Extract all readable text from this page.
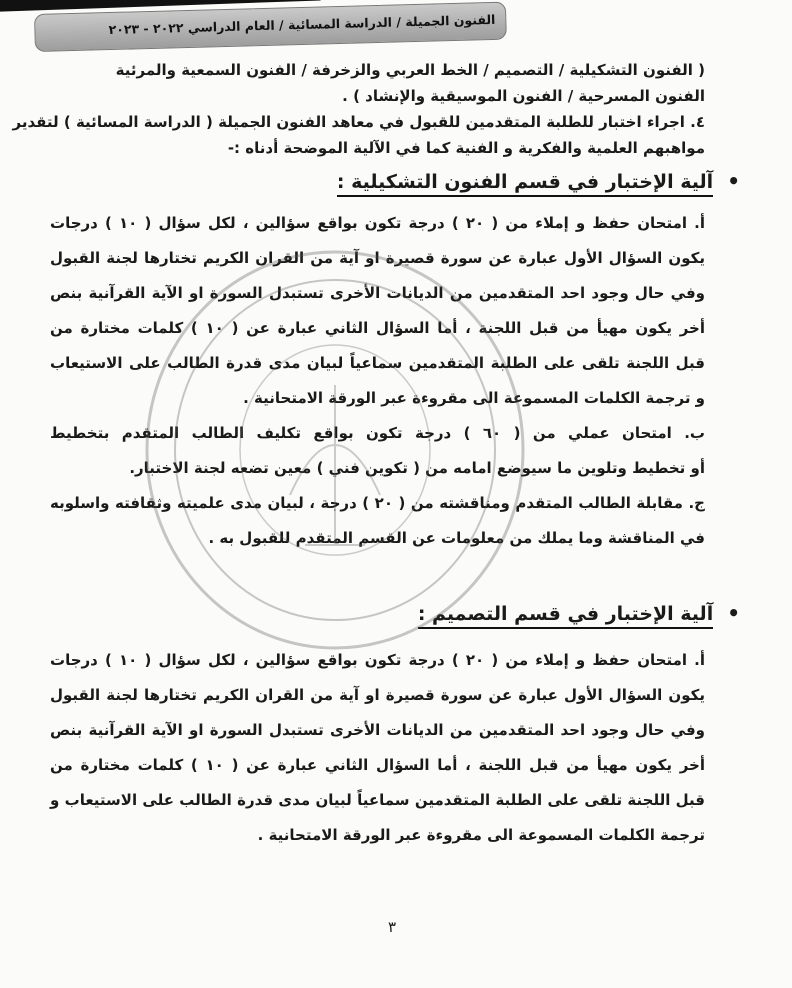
الفنون الجميلة / الدراسة المسائية / العام الدراسي ٢٠٢٢ - ٢٠٢٣
( الفنون التشكيلية / التصميم / الخط العربي والزخرفة / الفنون السمعية والمرئية
الفنون المسرحية / الفنون الموسيقية والإنشاد ) .
٤. اجراء اختبار للطلبة المتقدمين للقبول في معاهد الفنون الجميلة ( الدراسة المسائية ) لتقدير
مواهبهم العلمية والفكرية و الفنية كما في الآلية الموضحة أدناه :-
•آلية الإختبار في قسم الفنون التشكيلية :
أ. امتحان حفظ و إملاء من ( ٢٠ ) درجة تكون بواقع سؤالين ، لكل سؤال ( ١٠ ) درجات
يكون السؤال الأول عبارة عن سورة قصيرة او آية من القران الكريم تختارها لجنة القبول
وفي حال وجود احد المتقدمين من الديانات الأخرى تستبدل السورة او الآية القرآنية بنص
أخر يكون مهيأ من قبل اللجنة ، أما السؤال الثاني عبارة عن ( ١٠ ) كلمات مختارة من
قبل اللجنة تلقى على الطلبة المتقدمين سماعياً لبيان مدى قدرة الطالب على الاستيعاب
و ترجمة الكلمات المسموعة الى مقروءة عبر الورقة الامتحانية .
ب. امتحان عملي من ( ٦٠ ) درجة تكون بواقع تكليف الطالب المتقدم بتخطيط
أو تخطيط وتلوين ما سيوضع امامه من ( تكوين فني ) معين تضعه لجنة الاختبار.
ج. مقابلة الطالب المتقدم ومناقشته من ( ٢٠ ) درجة ، لبيان مدى علميته وثقافته واسلوبه
في المناقشة وما يملك من معلومات عن القسم المتقدم للقبول به .
•آلية الإختبار في قسم التصميم :
أ. امتحان حفظ و إملاء من ( ٢٠ ) درجة تكون بواقع سؤالين ، لكل سؤال ( ١٠ ) درجات
يكون السؤال الأول عبارة عن سورة قصيرة او آية من القران الكريم تختارها لجنة القبول
وفي حال وجود احد المتقدمين من الديانات الأخرى تستبدل السورة او الآية القرآنية بنص
أخر يكون مهيأ من قبل اللجنة ، أما السؤال الثاني عبارة عن ( ١٠ ) كلمات مختارة من
قبل اللجنة تلقى على الطلبة المتقدمين سماعياً لبيان مدى قدرة الطالب على الاستيعاب و
ترجمة الكلمات المسموعة الى مقروءة عبر الورقة الامتحانية .
٣
